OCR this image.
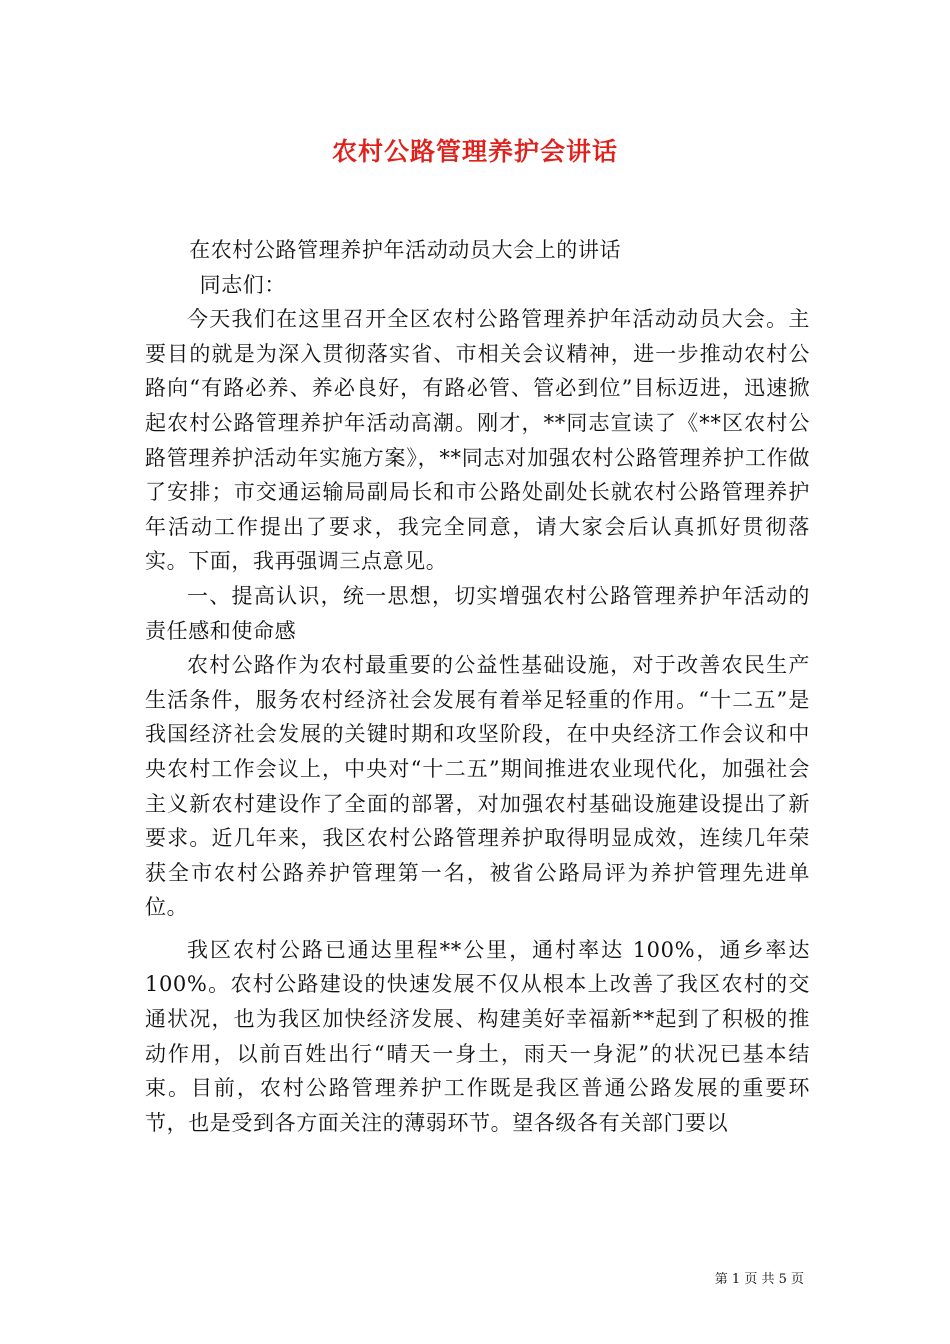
农村公路管理养护会讲话

在农村公路管理养护年活动动员大会上的讲话

同志们：

今天我们在这里召开全区农村公路管理养护年活动动员大会。主要目的就是为深入贯彻落实省、市相关会议精神，进一步推动农村公路向“有路必养、养必良好，有路必管、管必到位”目标迈进，迅速掀起农村公路管理养护年活动高潮。刚才，**同志宣读了《**区农村公路管理养护活动年实施方案》，**同志对加强农村公路管理养护工作做了安排；市交通运输局副局长和市公路处副处长就农村公路管理养护年活动工作提出了要求，我完全同意，请大家会后认真抓好贯彻落实。下面，我再强调三点意见。

一、提高认识，统一思想，切实增强农村公路管理养护年活动的责任感和使命感

农村公路作为农村最重要的公益性基础设施，对于改善农民生产生活条件，服务农村经济社会发展有着举足轻重的作用。“十二五”是我国经济社会发展的关键时期和攻坚阶段，在中央经济工作会议和中央农村工作会议上，中央对“十二五”期间推进农业现代化，加强社会主义新农村建设作了全面的部署，对加强农村基础设施建设提出了新要求。近几年来，我区农村公路管理养护取得明显成效，连续几年荣获全市农村公路养护管理第一名，被省公路局评为养护管理先进单位。

我区农村公路已通达里程**公里，通村率达 100%，通乡率达 100%。农村公路建设的快速发展不仅从根本上改善了我区农村的交通状况，也为我区加快经济发展、构建美好幸福新**起到了积极的推动作用，以前百姓出行“晴天一身土，雨天一身泥”的状况已基本结束。目前，农村公路管理养护工作既是我区普通公路发展的重要环节，也是受到各方面关注的薄弱环节。望各级各有关部门要以

第 1 页 共 5 页
